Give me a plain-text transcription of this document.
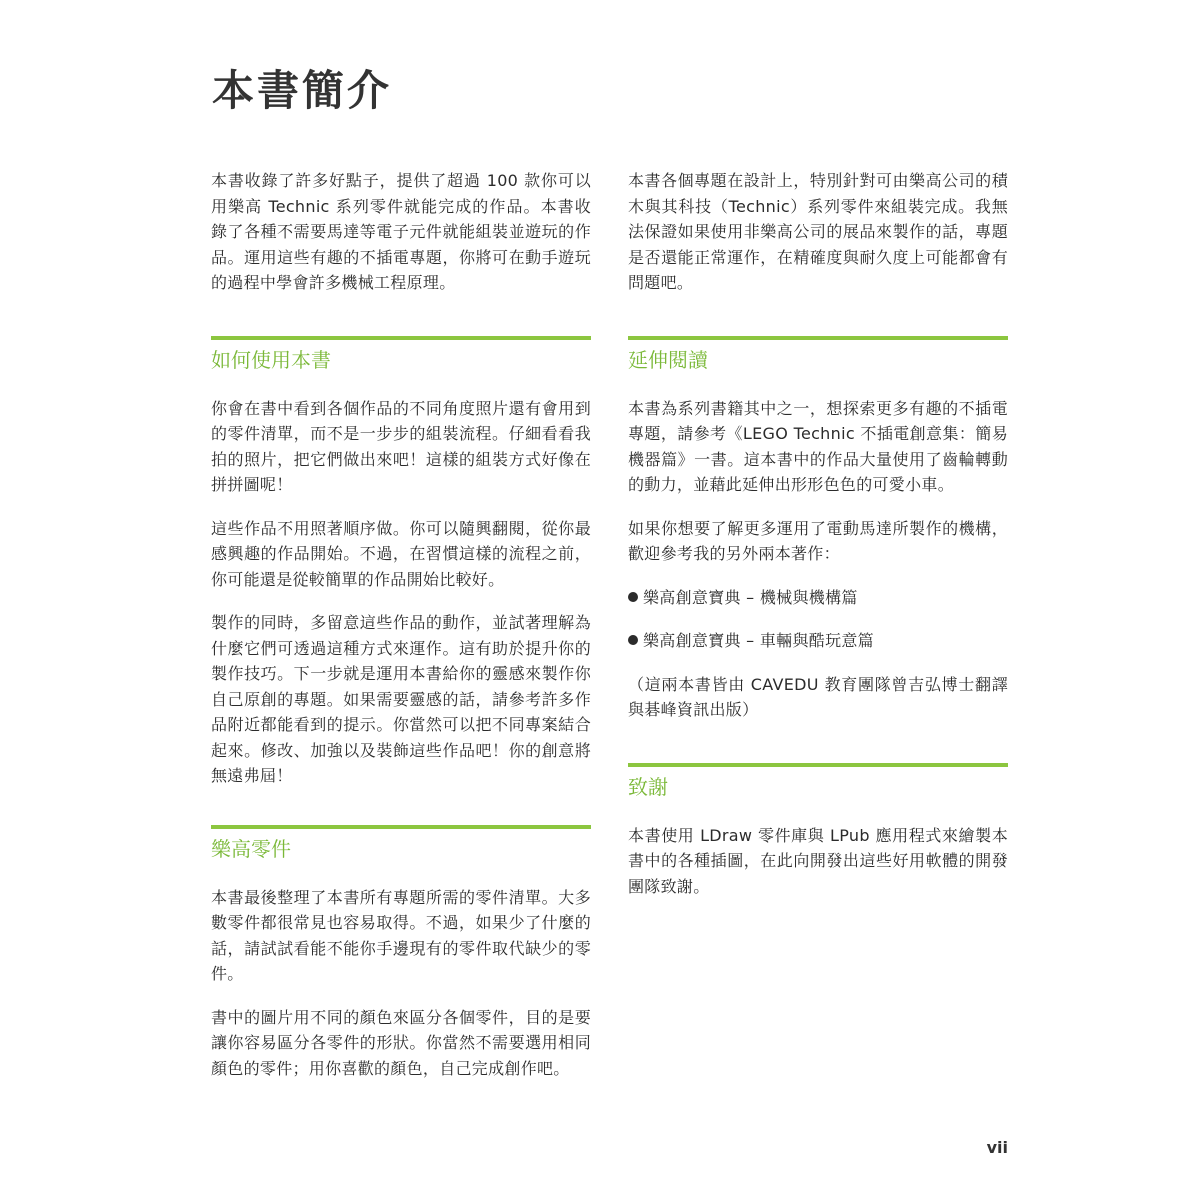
本書簡介

本書收錄了許多好點子，提供了超過 100 款你可以用樂高 Technic 系列零件就能完成的作品。本書收錄了各種不需要馬達等電子元件就能組裝並遊玩的作品。運用這些有趣的不插電專題，你將可在動手遊玩的過程中學會許多機械工程原理。

如何使用本書

你會在書中看到各個作品的不同角度照片還有會用到的零件清單，而不是一步步的組裝流程。仔細看看我拍的照片，把它們做出來吧！這樣的組裝方式好像在拼拼圖呢！

這些作品不用照著順序做。你可以隨興翻閱，從你最感興趣的作品開始。不過，在習慣這樣的流程之前，你可能還是從較簡單的作品開始比較好。

製作的同時，多留意這些作品的動作，並試著理解為什麼它們可透過這種方式來運作。這有助於提升你的製作技巧。下一步就是運用本書給你的靈感來製作你自己原創的專題。如果需要靈感的話，請參考許多作品附近都能看到的提示。你當然可以把不同專案結合起來。修改、加強以及裝飾這些作品吧！你的創意將無遠弗屆！

樂高零件

本書最後整理了本書所有專題所需的零件清單。大多數零件都很常見也容易取得。不過，如果少了什麼的話，請試試看能不能你手邊現有的零件取代缺少的零件。

書中的圖片用不同的顏色來區分各個零件，目的是要讓你容易區分各零件的形狀。你當然不需要選用相同顏色的零件；用你喜歡的顏色，自己完成創作吧。

本書各個專題在設計上，特別針對可由樂高公司的積木與其科技（Technic）系列零件來組裝完成。我無法保證如果使用非樂高公司的展品來製作的話，專題是否還能正常運作，在精確度與耐久度上可能都會有問題吧。

延伸閱讀

本書為系列書籍其中之一，想探索更多有趣的不插電專題，請參考《LEGO Technic 不插電創意集：簡易機器篇》一書。這本書中的作品大量使用了齒輪轉動的動力，並藉此延伸出形形色色的可愛小車。

如果你想要了解更多運用了電動馬達所製作的機構，歡迎參考我的另外兩本著作：

樂高創意寶典 – 機械與機構篇
樂高創意寶典 – 車輛與酷玩意篇

（這兩本書皆由 CAVEDU 教育團隊曾吉弘博士翻譯與碁峰資訊出版）

致謝

本書使用 LDraw 零件庫與 LPub 應用程式來繪製本書中的各種插圖，在此向開發出這些好用軟體的開發團隊致謝。

vii
